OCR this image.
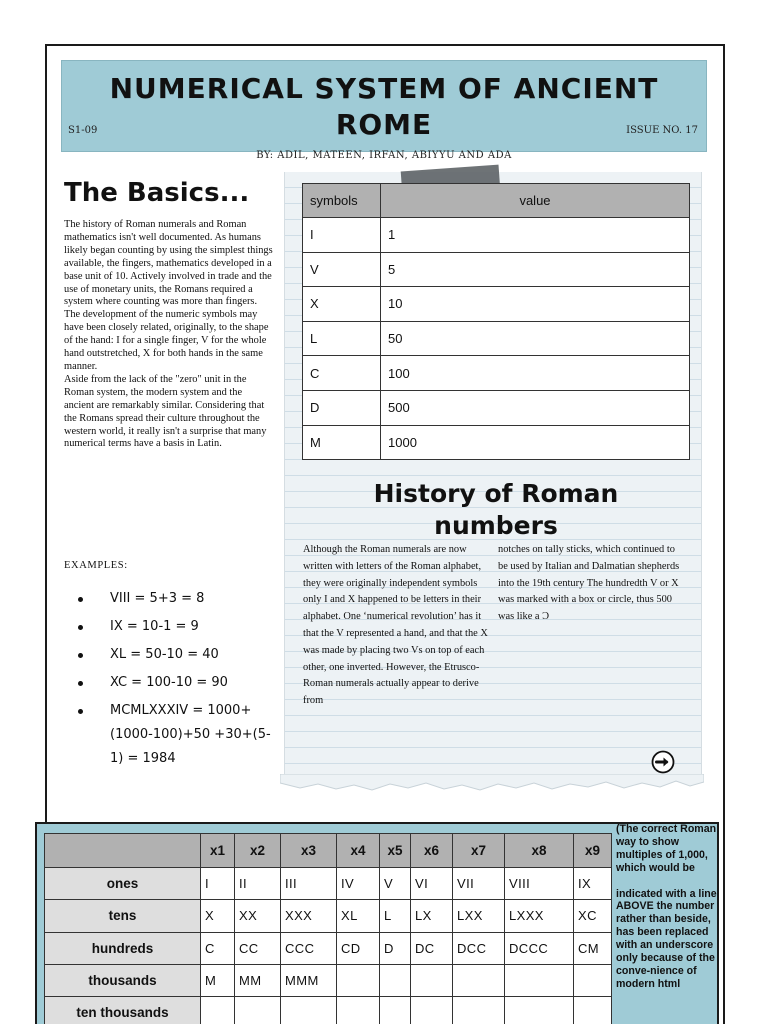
NUMERICAL SYSTEM OF ANCIENT ROME
S1-09	ISSUE NO. 17
BY: ADIL, MATEEN, IRFAN, ABIYYU AND ADA
The Basics...
The history of Roman numerals and Roman mathematics isn't well documented. As humans likely began counting by using the simplest things available, the fingers, mathematics developed in a base unit of 10. Actively involved in trade and the use of monetary units, the Romans required a system where counting was more than fingers. The development of the numeric symbols may have been closely related, originally, to the shape of the hand: I for a single finger, V for the whole hand outstretched, X for both hands in the same manner.
Aside from the lack of the "zero" unit in the Roman system, the modern system and the ancient are remarkably similar. Considering that the Romans spread their culture throughout the western world, it really isn't a surprise that many numerical terms have a basis in Latin.
EXAMPLES:
VIII = 5+3 = 8
IX = 10-1 = 9
XL = 50-10 = 40
XC = 100-10 = 90
MCMLXXXIV = 1000+(1000-100)+50 +30+(5-1) = 1984
symbols	value
I	1
V	5
X	10
L	50
C	100
D	500
M	1000
History of Roman numbers
Although the Roman numerals are now written with letters of the Roman alphabet, they were originally independent symbols only I and X happened to be letters in their alphabet. One ‘numerical revolution’ has it that the V represented a hand, and that the X was made by placing two Vs on top of each other, one inverted. However, the Etrusco-Roman numerals actually appear to derive from
notches on tally sticks, which continued to be used by Italian and Dalmatian shepherds into the 19th century The hundredth V or X was marked with a box or circle, thus 500 was like a Ɔ
	x1	x2	x3	x4	x5	x6	x7	x8	x9
ones	I	II	III	IV	V	VI	VII	VIII	IX
tens	X	XX	XXX	XL	L	LX	LXX	LXXX	XC
hundreds	C	CC	CCC	CD	D	DC	DCC	DCCC	CM
thousands	M	MM	MMM						
ten thousands									
(The correct Roman way to show multiples of 1,000, which would be

indicated with a line ABOVE the number rather than beside, has been replaced with an underscore only because of the conve-nience of modern html
